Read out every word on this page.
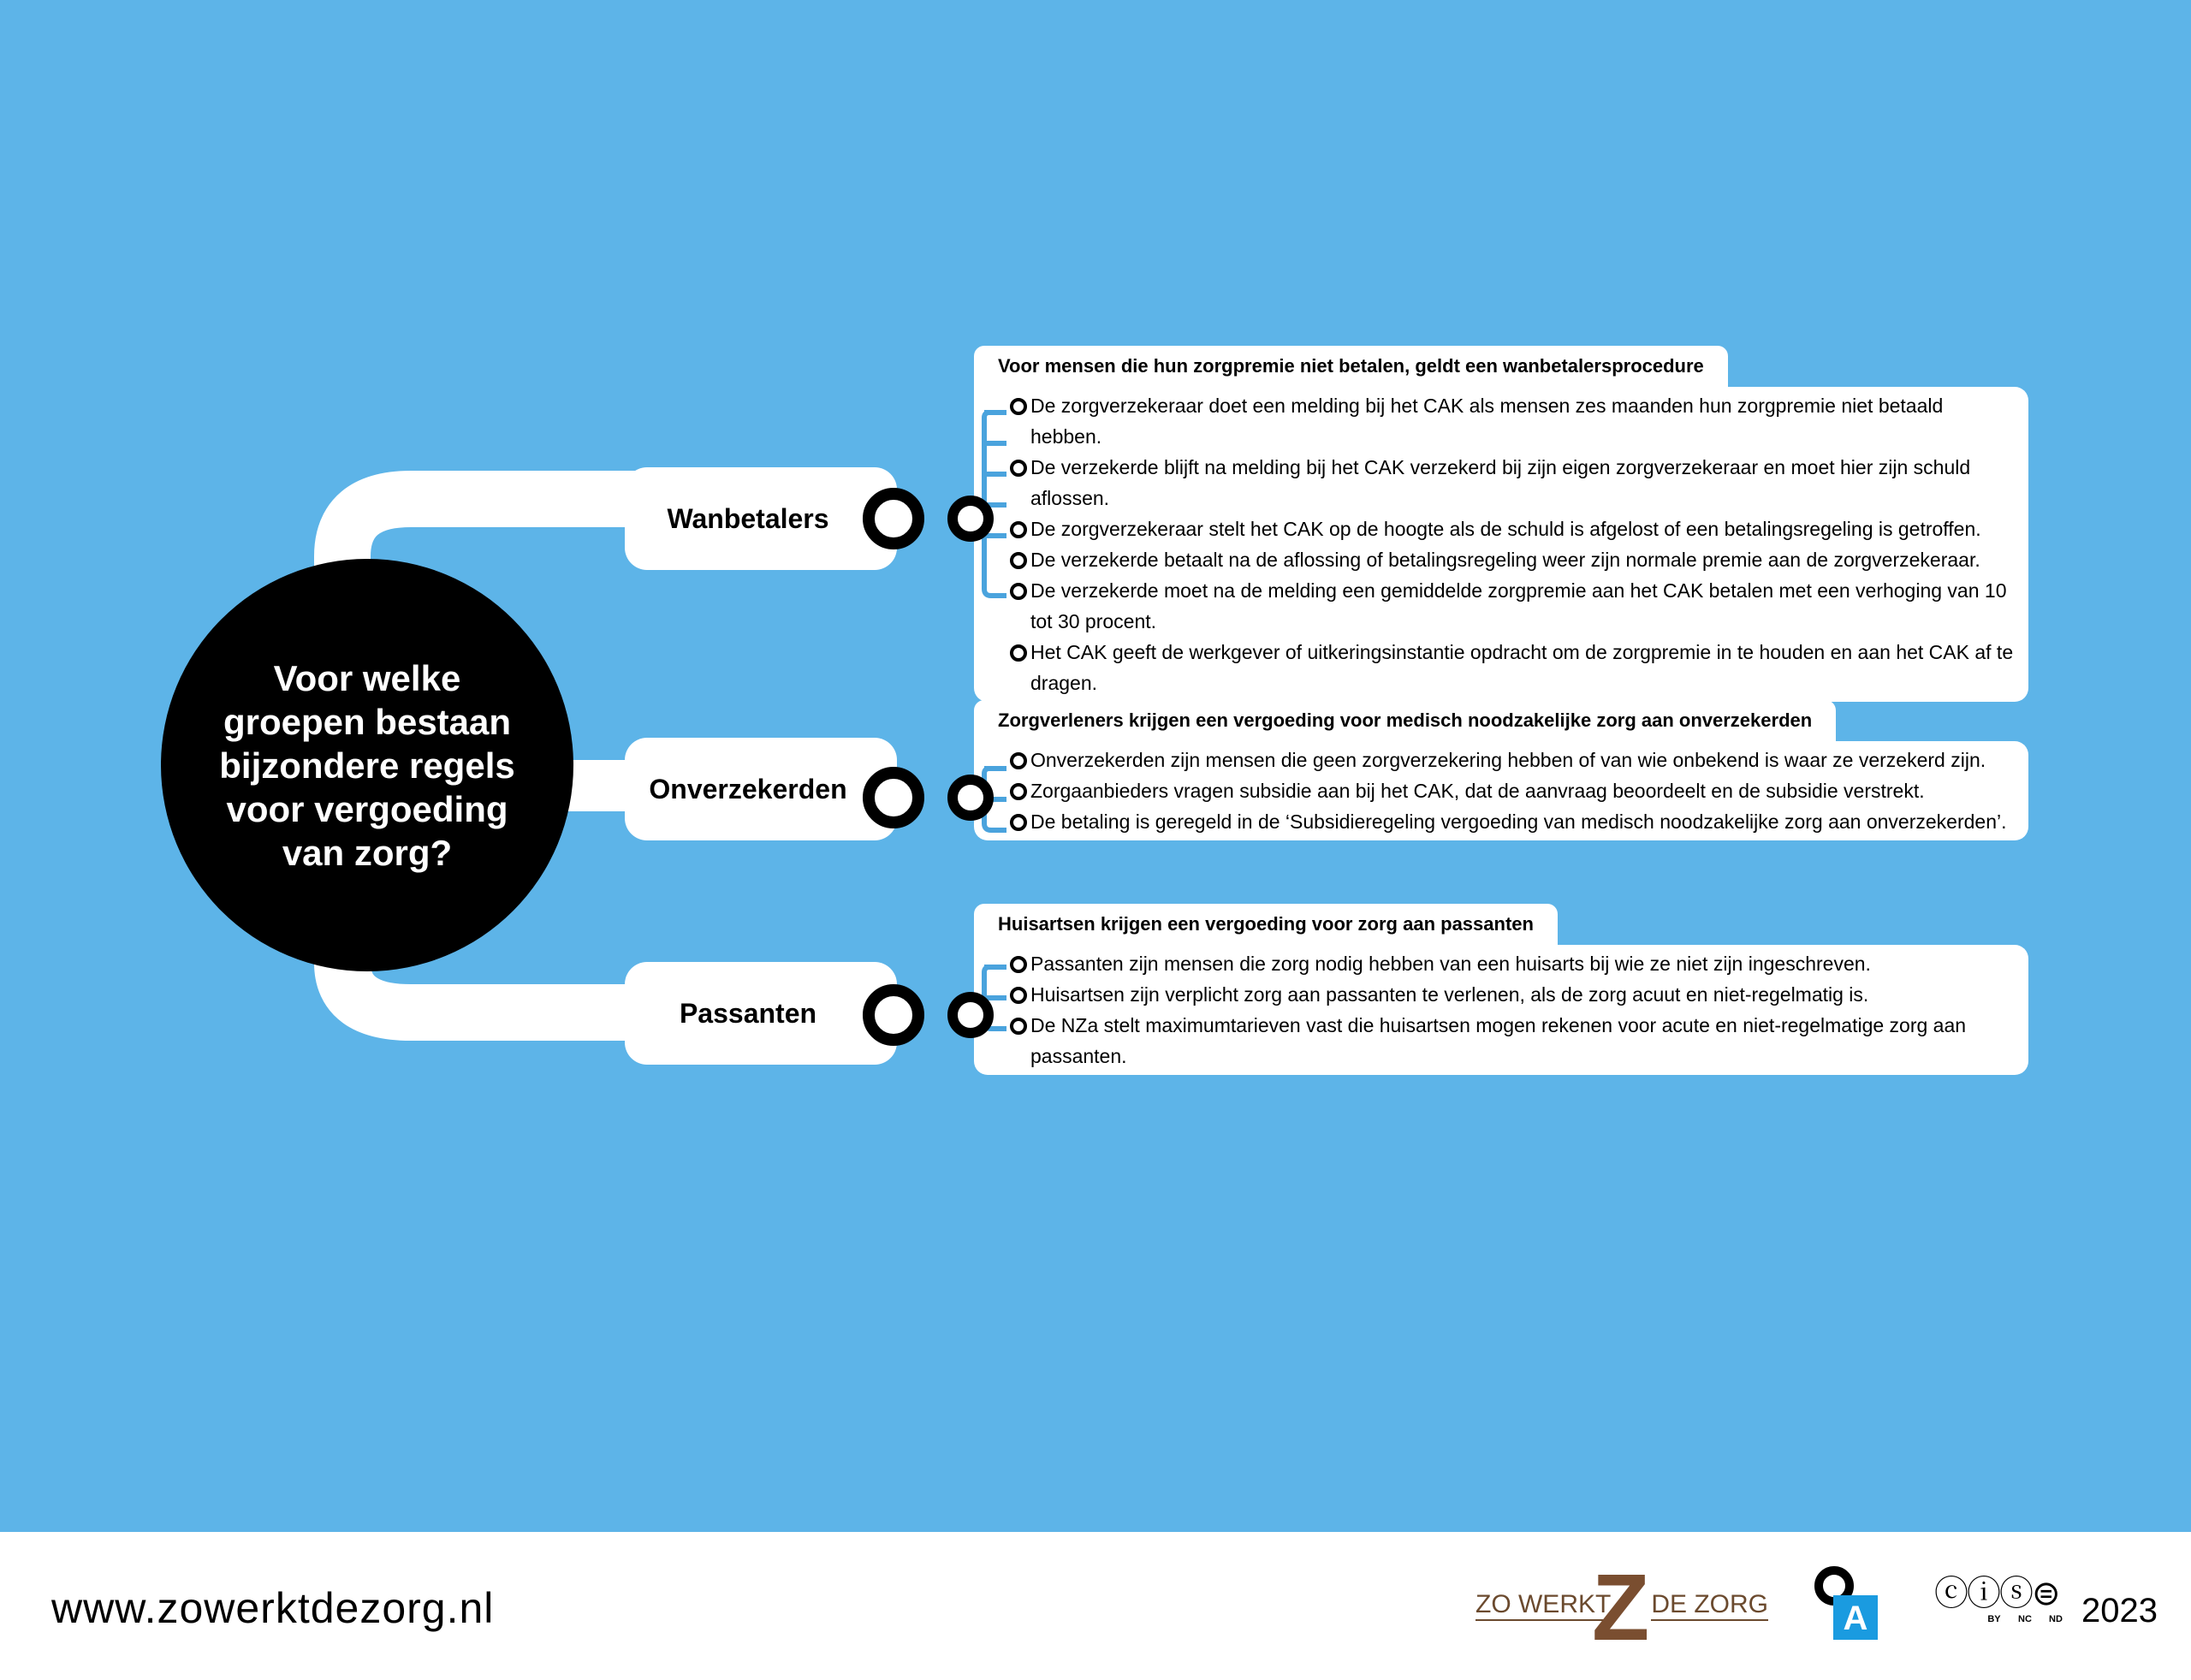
Voor welke groepen bestaan bijzondere regels voor vergoeding van zorg?
Wanbetalers
Voor mensen die hun zorgpremie niet betalen, geldt een wanbetalersprocedure
De zorgverzekeraar doet een melding bij het CAK als mensen zes maanden hun zorgpremie niet betaald hebben.
De verzekerde blijft na melding bij het CAK verzekerd bij zijn eigen zorgverzekeraar en moet hier zijn schuld aflossen.
De zorgverzekeraar stelt het CAK op de hoogte als de schuld is afgelost of een betalingsregeling is getroffen.
De verzekerde betaalt na de aflossing of betalingsregeling weer zijn normale premie aan de zorgverzekeraar.
De verzekerde moet na de melding een gemiddelde zorgpremie aan het CAK betalen met een verhoging van 10 tot 30 procent.
Het CAK geeft de werkgever of uitkeringsinstantie opdracht om de zorgpremie in te houden en aan het CAK af te dragen.
Onverzekerden
Zorgverleners krijgen een vergoeding voor medisch noodzakelijke zorg aan onverzekerden
Onverzekerden zijn mensen die geen zorgverzekering hebben of van wie onbekend is waar ze verzekerd zijn.
Zorgaanbieders vragen subsidie aan bij het CAK, dat de aanvraag beoordeelt en de subsidie verstrekt.
De betaling is geregeld in de ‘Subsidieregeling vergoeding van medisch noodzakelijke zorg aan onverzekerden’.
Passanten
Huisartsen krijgen een vergoeding voor zorg aan passanten
Passanten zijn mensen die zorg nodig hebben van een huisarts bij wie ze niet zijn ingeschreven.
Huisartsen zijn verplicht zorg aan passanten te verlenen, als de zorg acuut en niet-regelmatig is.
De NZa stelt maximumtarieven vast die huisartsen mogen rekenen voor acute en niet-regelmatige zorg aan passanten.
www.zowerktdezorg.nl	ZO WERKT
Z DE ZORG A
ⓒⓘⓢ⊜
BY NC ND 2023
